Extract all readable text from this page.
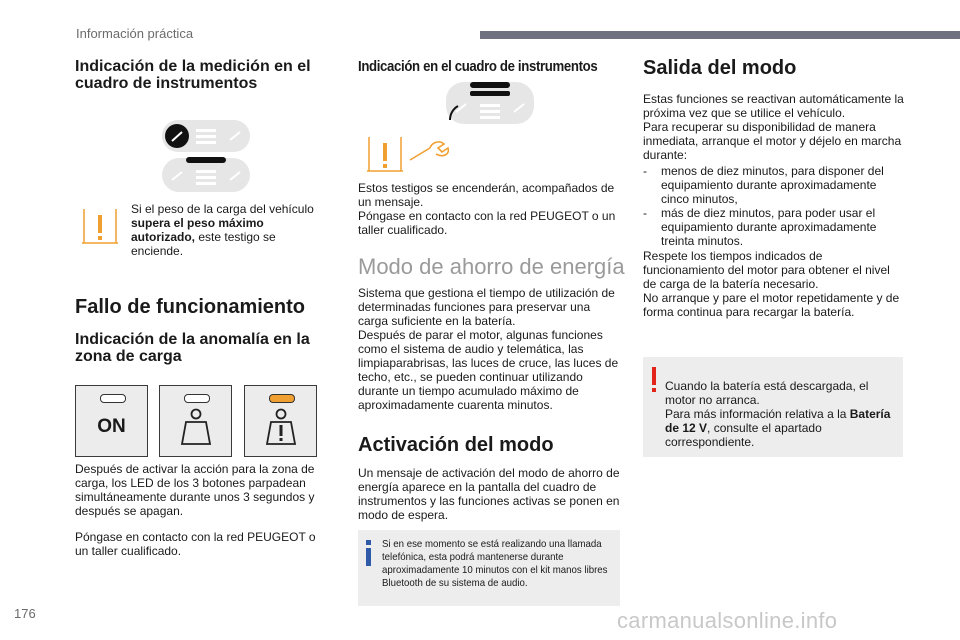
Información práctica
Indicación de la medición en el cuadro de instrumentos

Si el peso de la carga del vehículo supera el peso máximo autorizado, este testigo se enciende.

Fallo de funcionamiento
Indicación de la anomalía en la zona de carga
ON

Después de activar la acción para la zona de carga, los LED de los 3 botones parpadean simultáneamente durante unos 3 segundos y después se apagan.

Póngase en contacto con la red PEUGEOT o un taller cualificado.

Indicación en el cuadro de instrumentos

Estos testigos se encenderán, acompañados de un mensaje.
Póngase en contacto con la red PEUGEOT o un taller cualificado.

Modo de ahorro de energía

Sistema que gestiona el tiempo de utilización de determinadas funciones para preservar una carga suficiente en la batería.
Después de parar el motor, algunas funciones como el sistema de audio y telemática, las limpiaparabrisas, las luces de cruce, las luces de techo, etc., se pueden continuar utilizando durante un tiempo acumulado máximo de aproximadamente cuarenta minutos.

Activación del modo

Un mensaje de activación del modo de ahorro de energía aparece en la pantalla del cuadro de instrumentos y las funciones activas se ponen en modo de espera.

Si en ese momento se está realizando una llamada telefónica, esta podrá mantenerse durante aproximadamente 10 minutos con el kit manos libres Bluetooth de su sistema de audio.
Salida del modo

Estas funciones se reactivan automáticamente la próxima vez que se utilice el vehículo.
Para recuperar su disponibilidad de manera inmediata, arranque el motor y déjelo en marcha durante:

-	menos de diez minutos, para disponer del equipamiento durante aproximadamente cinco minutos,

-	más de diez minutos, para poder usar el equipamiento durante aproximadamente treinta minutos.

Respete los tiempos indicados de funcionamiento del motor para obtener el nivel de carga de la batería necesario.
No arranque y pare el motor repetidamente y de forma continua para recargar la batería.

Cuando la batería está descargada, el motor no arranca.
Para más información relativa a la Batería de 12 V, consulte el apartado correspondiente.

176	carmanualsonline.info
